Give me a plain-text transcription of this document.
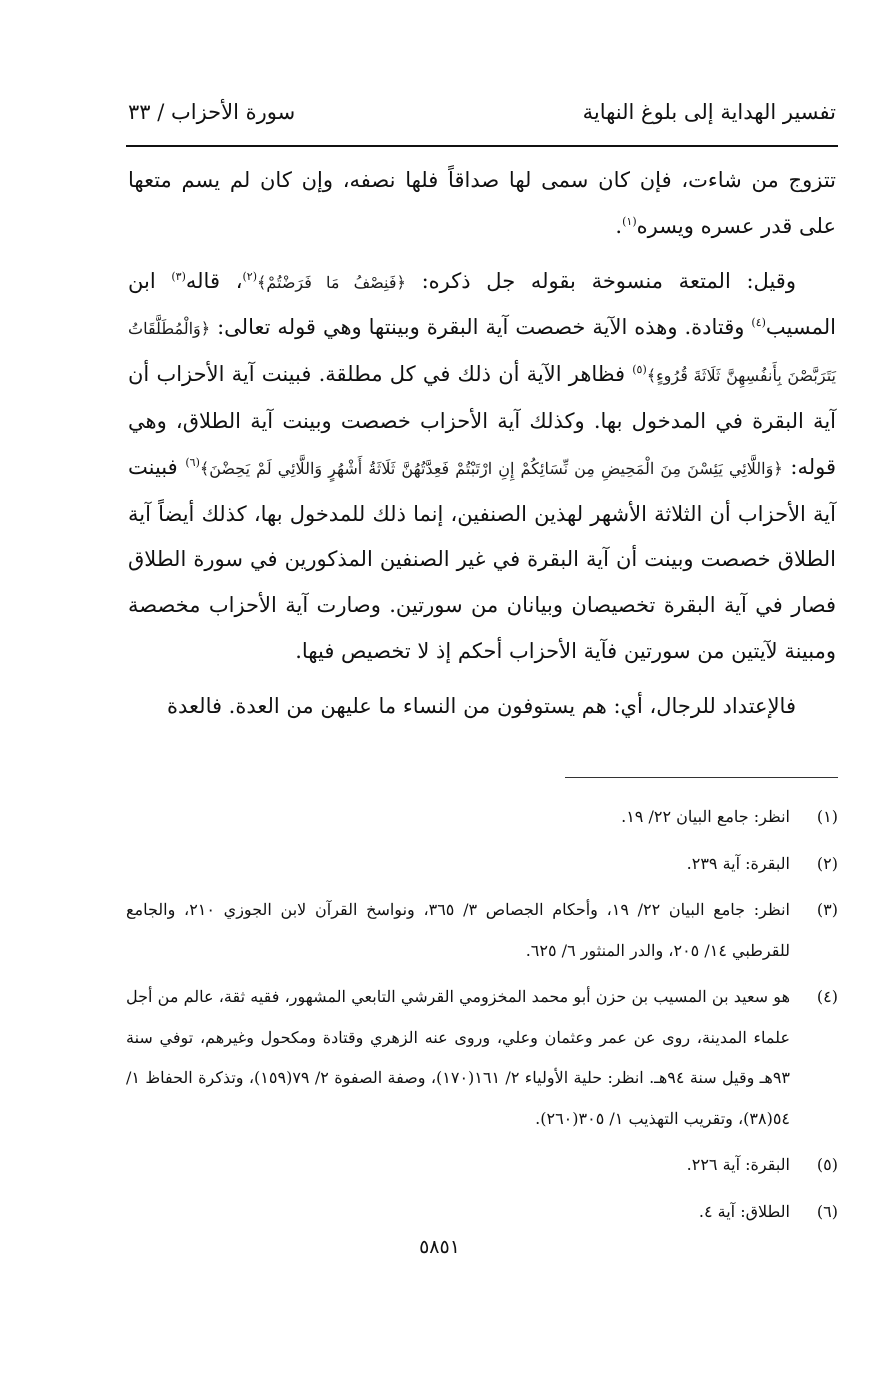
تفسير الهداية إلى بلوغ النهاية
سورة الأحزاب / ٣٣

تتزوج من شاءت، فإن كان سمى لها صداقاً فلها نصفه، وإن كان لم يسم متعها على قدر عسره ويسره$^{(١)}$.

وقيل: المتعة منسوخة بقوله جل ذكره: ﴿فَنِصْفُ مَا فَرَضْتُمْ﴾$^{(٢)}$، قاله$^{(٣)}$ ابن المسيب$^{(٤)}$ وقتادة. وهذه الآية خصصت آية البقرة وبينتها وهي قوله تعالى: ﴿وَالْمُطَلَّقَاتُ يَتَرَبَّصْنَ بِأَنفُسِهِنَّ ثَلَاثَةَ قُرُوءٍ﴾$^{(٥)}$ فظاهر الآية أن ذلك في كل مطلقة. فبينت آية الأحزاب أن آية البقرة في المدخول بها. وكذلك آية الأحزاب خصصت وبينت آية الطلاق، وهي قوله: ﴿وَاللَّائِي يَئِسْنَ مِنَ الْمَحِيضِ مِن نِّسَائِكُمْ إِنِ ارْتَبْتُمْ فَعِدَّتُهُنَّ ثَلَاثَةُ أَشْهُرٍ وَاللَّائِي لَمْ يَحِضْنَ﴾$^{(٦)}$ فبينت آية الأحزاب أن الثلاثة الأشهر لهذين الصنفين، إنما ذلك للمدخول بها، كذلك أيضاً آية الطلاق خصصت وبينت أن آية البقرة في غير الصنفين المذكورين في سورة الطلاق فصار في آية البقرة تخصيصان وبيانان من سورتين. وصارت آية الأحزاب مخصصة ومبينة لآيتين من سورتين فآية الأحزاب أحكم إذ لا تخصيص فيها.

فالإعتداد للرجال، أي: هم يستوفون من النساء ما عليهن من العدة. فالعدة

(١)
انظر: جامع البيان ٢٢/ ١٩.
(٢)
البقرة: آية ٢٣٩.
(٣)
انظر: جامع البيان ٢٢/ ١٩، وأحكام الجصاص ٣/ ٣٦٥، ونواسخ القرآن لابن الجوزي ٢١٠، والجامع للقرطبي ١٤/ ٢٠٥، والدر المنثور ٦/ ٦٢٥.
(٤)
هو سعيد بن المسيب بن حزن أبو محمد المخزومي القرشي التابعي المشهور، فقيه ثقة، عالم من أجل علماء المدينة، روى عن عمر وعثمان وعلي، وروى عنه الزهري وقتادة ومكحول وغيرهم، توفي سنة ٩٣هـ وقيل سنة ٩٤هـ. انظر: حلية الأولياء ٢/ ١٦١(١٧٠)، وصفة الصفوة ٢/ ٧٩(١٥٩)، وتذكرة الحفاظ ١/ ٥٤(٣٨)، وتقريب التهذيب ١/ ٣٠٥(٢٦٠).
(٥)
البقرة: آية ٢٢٦.
(٦)
الطلاق: آية ٤.
٥٨٥١
